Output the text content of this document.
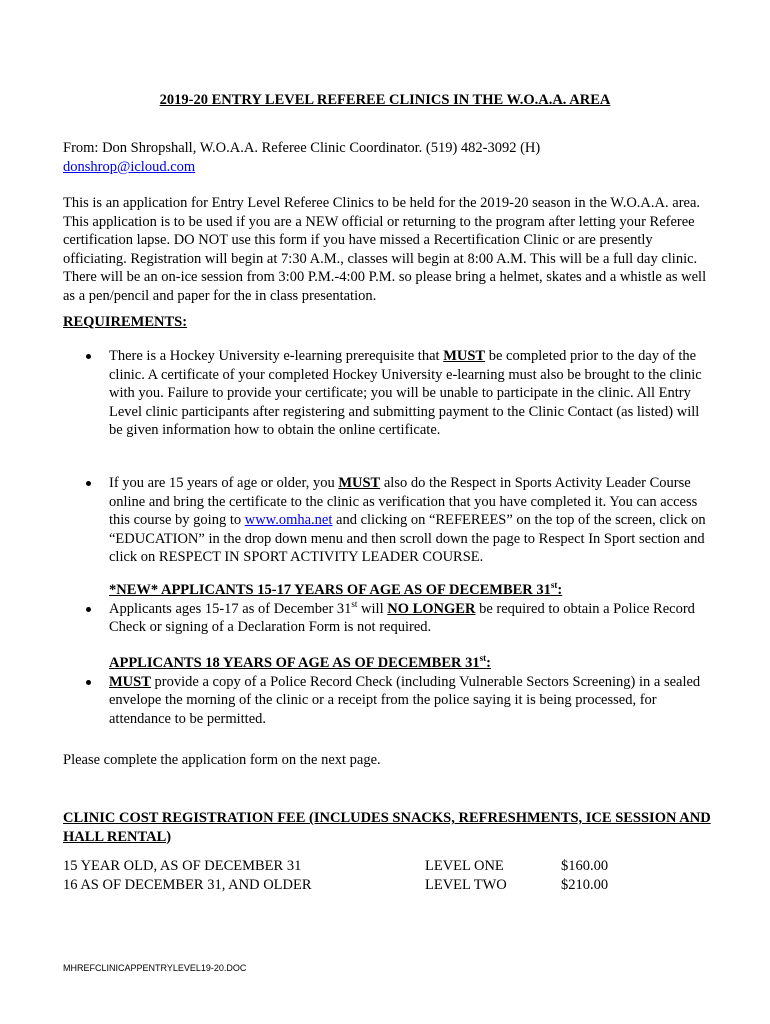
2019-20 ENTRY LEVEL REFEREE CLINICS IN THE W.O.A.A. AREA
From: Don Shropshall, W.O.A.A. Referee Clinic Coordinator. (519) 482-3092 (H)
donshrop@icloud.com
This is an application for Entry Level Referee Clinics to be held for the 2019-20 season in the W.O.A.A. area. This application is to be used if you are a NEW official or returning to the program after letting your Referee certification lapse. DO NOT use this form if you have missed a Recertification Clinic or are presently officiating. Registration will begin at 7:30 A.M., classes will begin at 8:00 A.M. This will be a full day clinic. There will be an on-ice session from 3:00 P.M.-4:00 P.M. so please bring a helmet, skates and a whistle as well as a pen/pencil and paper for the in class presentation.
REQUIREMENTS:
There is a Hockey University e-learning prerequisite that MUST be completed prior to the day of the clinic. A certificate of your completed Hockey University e-learning must also be brought to the clinic with you. Failure to provide your certificate; you will be unable to participate in the clinic. All Entry Level clinic participants after registering and submitting payment to the Clinic Contact (as listed) will be given information how to obtain the online certificate.
If you are 15 years of age or older, you MUST also do the Respect in Sports Activity Leader Course online and bring the certificate to the clinic as verification that you have completed it. You can access this course by going to www.omha.net and clicking on “REFEREES” on the top of the screen, click on “EDUCATION” in the drop down menu and then scroll down the page to Respect In Sport section and click on RESPECT IN SPORT ACTIVITY LEADER COURSE.
*NEW* APPLICANTS 15-17 YEARS OF AGE AS OF DECEMBER 31st:
Applicants ages 15-17 as of December 31st will NO LONGER be required to obtain a Police Record Check or signing of a Declaration Form is not required.
APPLICANTS 18 YEARS OF AGE AS OF DECEMBER 31st:
MUST provide a copy of a Police Record Check (including Vulnerable Sectors Screening) in a sealed envelope the morning of the clinic or a receipt from the police saying it is being processed, for attendance to be permitted.
Please complete the application form on the next page.
CLINIC COST REGISTRATION FEE (INCLUDES SNACKS, REFRESHMENTS, ICE SESSION AND HALL RENTAL)
15 YEAR OLD, AS OF DECEMBER 31	LEVEL ONE	$160.00
16 AS OF DECEMBER 31, AND OLDER	LEVEL TWO	$210.00
MHREFCLINICAPPENTRYLEVEL19-20.DOC
